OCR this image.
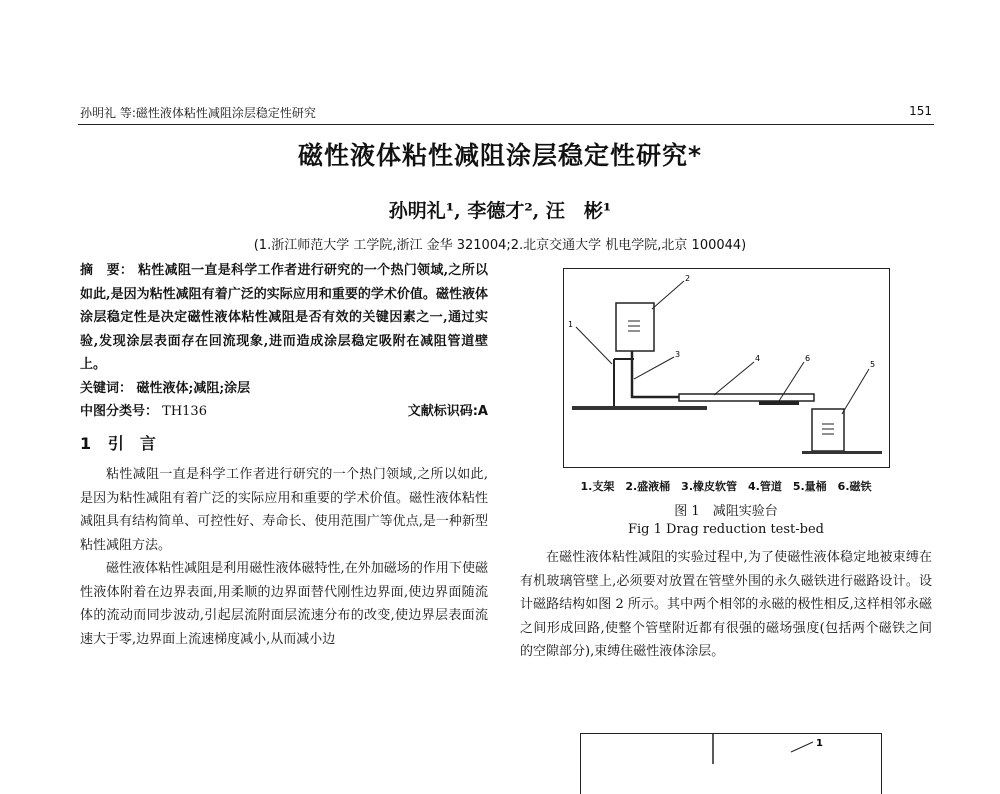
孙明礼 等:磁性液体粘性减阻涂层稳定性研究	151
磁性液体粘性减阻涂层稳定性研究*
孙明礼¹, 李德才², 汪　彬¹
(1.浙江师范大学 工学院,浙江 金华 321004;2.北京交通大学 机电学院,北京 100044)
摘　要： 粘性减阻一直是科学工作者进行研究的一个热门领域,之所以如此,是因为粘性减阻有着广泛的实际应用和重要的学术价值。磁性液体涂层稳定性是决定磁性液体粘性减阻是否有效的关键因素之一,通过实验,发现涂层表面存在回流现象,进而造成涂层稳定吸附在减阻管道壁上。
关键词： 磁性液体;减阻;涂层
中图分类号： TH136	文献标识码:A
1 引　言

粘性减阻一直是科学工作者进行研究的一个热门领域,之所以如此,是因为粘性减阻有着广泛的实际应用和重要的学术价值。磁性液体粘性减阻具有结构简单、可控性好、寿命长、使用范围广等优点,是一种新型粘性减阻方法。

磁性液体粘性减阻是利用磁性液体磁特性,在外加磁场的作用下使磁性液体附着在边界表面,用柔顺的边界面替代刚性边界面,使边界面随流体的流动而同步波动,引起层流附面层流速分布的改变,使边界层表面流速大于零,边界面上流速梯度减小,从而减小边

1
2
3	4
5
6
1.支架　2.盛液桶　3.橡皮软管　4.管道　5.量桶　6.磁铁
图 1　减阻实验台
Fig 1 Drag reduction test-bed

在磁性液体粘性减阻的实验过程中,为了使磁性液体稳定地被束缚在有机玻璃管壁上,必须要对放置在管壁外围的永久磁铁进行磁路设计。设计磁路结构如图 2 所示。其中两个相邻的永磁的极性相反,这样相邻永磁之间形成回路,使整个管壁附近都有很强的磁场强度(包括两个磁铁之间的空隙部分),束缚住磁性液体涂层。

1
